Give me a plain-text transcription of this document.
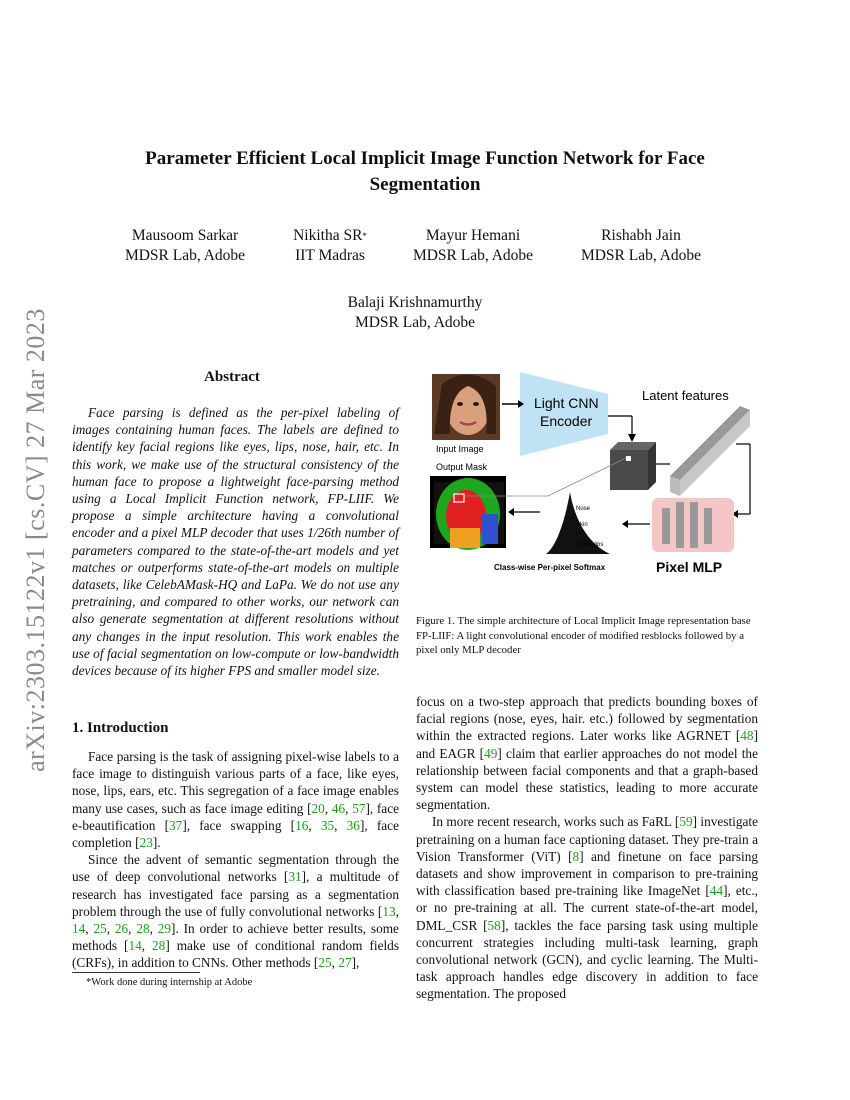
arXiv:2303.15122v1 [cs.CV] 27 Mar 2023
Parameter Efficient Local Implicit Image Function Network for Face
Segmentation
Mausoom Sarkar
MDSR Lab, Adobe
Nikitha SR*
IIT Madras
Mayur Hemani
MDSR Lab, Adobe
Rishabh Jain
MDSR Lab, Adobe
Balaji Krishnamurthy
MDSR Lab, Adobe
Abstract

Face parsing is defined as the per-pixel labeling of images containing human faces. The labels are defined to identify key facial regions like eyes, lips, nose, hair, etc. In this work, we make use of the structural consistency of the human face to propose a lightweight face-parsing method using a Local Implicit Function network, FP-LIIF. We propose a simple architecture having a convolutional encoder and a pixel MLP decoder that uses 1/26th number of parameters compared to the state-of-the-art models and yet matches or outperforms state-of-the-art models on multiple datasets, like CelebAMask-HQ and LaPa. We do not use any pretraining, and compared to other works, our network can also generate segmentation at different resolutions without any changes in the input resolution. This work enables the use of facial segmentation on low-compute or low-bandwidth devices because of its higher FPS and smaller model size.

1. Introduction

Face parsing is the task of assigning pixel-wise labels to a face image to distinguish various parts of a face, like eyes, nose, lips, ears, etc. This segregation of a face image enables many use cases, such as face image editing [20, 46, 57], face e-beautification [37], face swapping [16, 35, 36], face completion [23].

Since the advent of semantic segmentation through the use of deep convolutional networks [31], a multitude of research has investigated face parsing as a segmentation problem through the use of fully convolutional networks [13, 14, 25, 26, 28, 29]. In order to achieve better results, some methods [14, 28] make use of conditional random fields (CRFs), in addition to CNNs. Other methods [25, 27],

*Work done during internship at Adobe
Input Image
Output Mask
Light CNN
Encoder
Latent features
Pixel MLP
Nose
Skin
Upper-lips
Class-wise Per-pixel Softmax
Figure 1. The simple architecture of Local Implicit Image representation base FP-LIIF: A light convolutional encoder of modified resblocks followed by a pixel only MLP decoder

focus on a two-step approach that predicts bounding boxes of facial regions (nose, eyes, hair. etc.) followed by segmentation within the extracted regions. Later works like AGRNET [48] and EAGR [49] claim that earlier approaches do not model the relationship between facial components and that a graph-based system can model these statistics, leading to more accurate segmentation.

In more recent research, works such as FaRL [59] investigate pretraining on a human face captioning dataset. They pre-train a Vision Transformer (ViT) [8] and finetune on face parsing datasets and show improvement in comparison to pre-training with classification based pre-training like ImageNet [44], etc., or no pre-training at all. The current state-of-the-art model, DML_CSR [58], tackles the face parsing task using multiple concurrent strategies including multi-task learning, graph convolutional network (GCN), and cyclic learning. The Multi-task approach handles edge discovery in addition to face segmentation. The proposed
